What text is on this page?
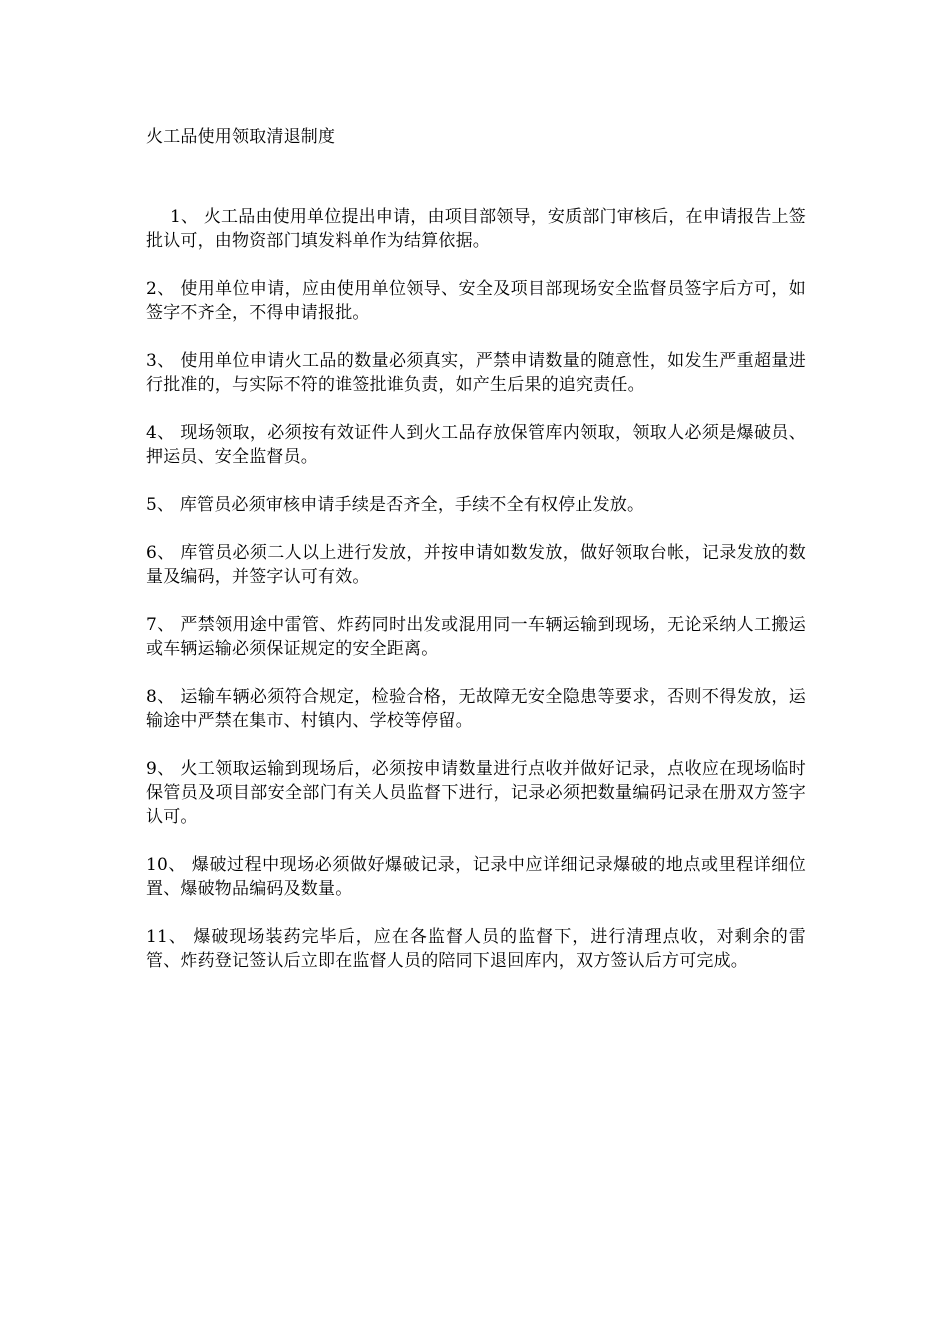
火工品使用领取清退制度

1、 火工品由使用单位提出申请，由项目部领导，安质部门审核后，在申请报告上签批认可，由物资部门填发料单作为结算依据。

2、 使用单位申请，应由使用单位领导、安全及项目部现场安全监督员签字后方可，如签字不齐全，不得申请报批。

3、 使用单位申请火工品的数量必须真实，严禁申请数量的随意性，如发生严重超量进行批准的，与实际不符的谁签批谁负责，如产生后果的追究责任。

4、 现场领取，必须按有效证件人到火工品存放保管库内领取，领取人必须是爆破员、押运员、安全监督员。

5、 库管员必须审核申请手续是否齐全，手续不全有权停止发放。

6、 库管员必须二人以上进行发放，并按申请如数发放，做好领取台帐，记录发放的数量及编码，并签字认可有效。

7、 严禁领用途中雷管、炸药同时出发或混用同一车辆运输到现场，无论采纳人工搬运或车辆运输必须保证规定的安全距离。

8、 运输车辆必须符合规定，检验合格，无故障无安全隐患等要求，否则不得发放，运输途中严禁在集市、村镇内、学校等停留。

9、 火工领取运输到现场后，必须按申请数量进行点收并做好记录，点收应在现场临时保管员及项目部安全部门有关人员监督下进行，记录必须把数量编码记录在册双方签字认可。

10、 爆破过程中现场必须做好爆破记录，记录中应详细记录爆破的地点或里程详细位置、爆破物品编码及数量。

11、 爆破现场装药完毕后，应在各监督人员的监督下，进行清理点收，对剩余的雷管、炸药登记签认后立即在监督人员的陪同下退回库内，双方签认后方可完成。
